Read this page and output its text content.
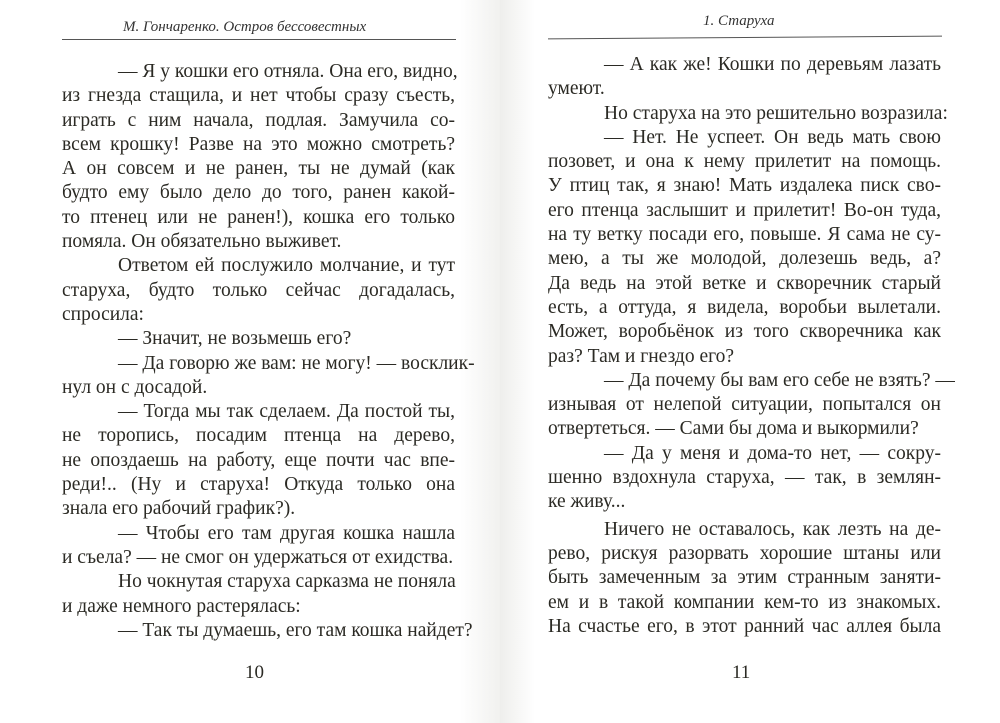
М. Гончаренко. Остров бессовестных
— Я у кошки его отняла. Она его, видно,
из гнезда стащила, и нет чтобы сразу съесть,
играть с ним начала, подлая. Замучила со-
всем крошку! Разве на это можно смотреть?
А он совсем и не ранен, ты не думай (как
будто ему было дело до того, ранен какой-
то птенец или не ранен!), кошка его только
помяла. Он обязательно выживет.
Ответом ей послужило молчание, и тут
старуха, будто только сейчас догадалась,
спросила:
— Значит, не возьмешь его?
— Да говорю же вам: не могу! — восклик-
нул он с досадой.
— Тогда мы так сделаем. Да постой ты,
не торопись, посадим птенца на дерево,
не опоздаешь на работу, еще почти час впе-
реди!.. (Ну и старуха! Откуда только она
знала его рабочий график?).
— Чтобы его там другая кошка нашла
и съела? — не смог он удержаться от ехидства.
Но чокнутая старуха сарказма не поняла
и даже немного растерялась:
— Так ты думаешь, его там кошка найдет?
10
1. Старуха
— А как же! Кошки по деревьям лазать
умеют.
Но старуха на это решительно возразила:
— Нет. Не успеет. Он ведь мать свою
позовет, и она к нему прилетит на помощь.
У птиц так, я знаю! Мать издалека писк сво-
его птенца заслышит и прилетит! Во-он туда,
на ту ветку посади его, повыше. Я сама не су-
мею, а ты же молодой, долезешь ведь, а?
Да ведь на этой ветке и скворечник старый
есть, а оттуда, я видела, воробьи вылетали.
Может, воробьёнок из того скворечника как
раз? Там и гнездо его?
— Да почему бы вам его себе не взять? —
изнывая от нелепой ситуации, попытался он
отвертеться. — Сами бы дома и выкормили?
— Да у меня и дома-то нет, — сокру-
шенно вздохнула старуха, — так, в землян-
ке живу...
Ничего не оставалось, как лезть на де-
рево, рискуя разорвать хорошие штаны или
быть замеченным за этим странным заняти-
ем и в такой компании кем-то из знакомых.
На счастье его, в этот ранний час аллея была
11
